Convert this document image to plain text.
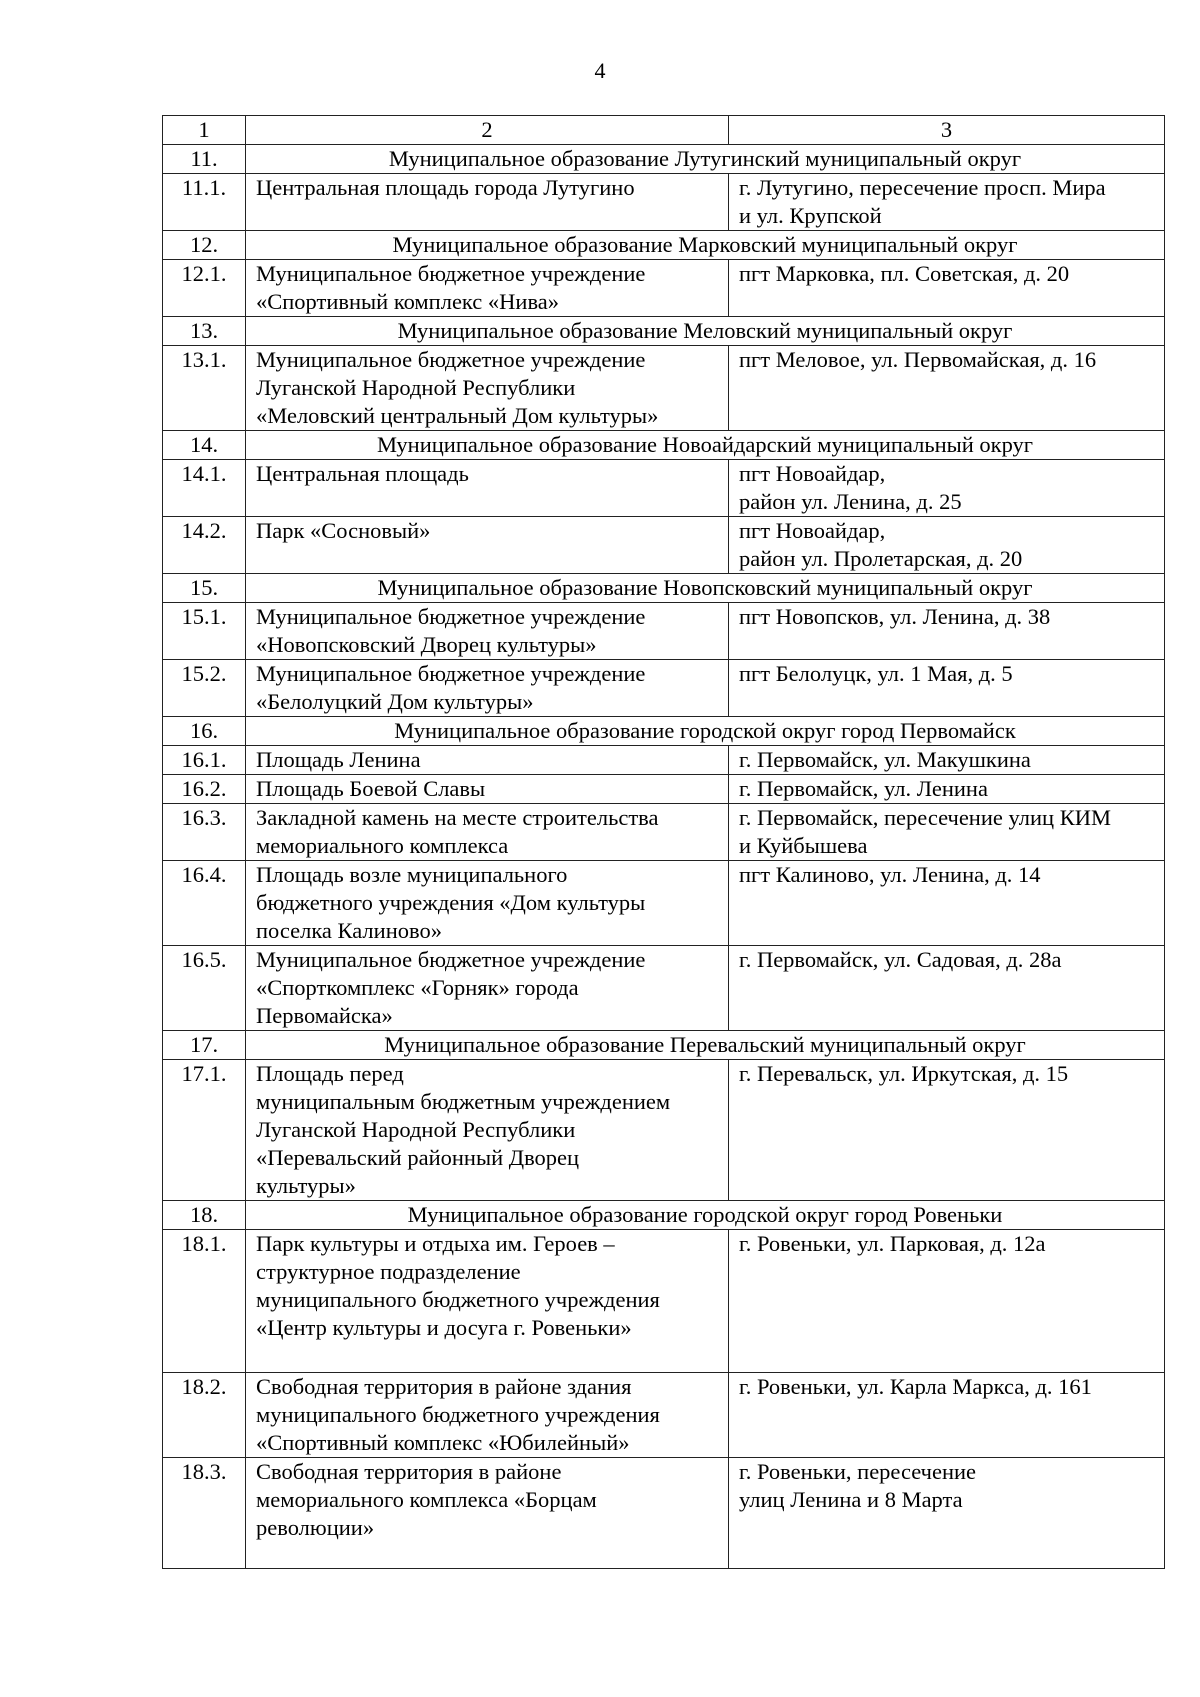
4
1	2	3
11.	Муниципальное образование Лутугинский муниципальный округ	
11.1.	Центральная площадь города Лутугино	г. Лутугино, пересечение просп. Мира
и ул. Крупской

12.	Муниципальное образование Марковский муниципальный округ	
12.1.	Муниципальное бюджетное учреждение
«Спортивный комплекс «Нива»	пгт Марковка, пл. Советская, д. 20

13.	Муниципальное образование Меловский муниципальный округ	
13.1.	Муниципальное бюджетное учреждение
Луганской Народной Республики
«Меловский центральный Дом культуры»	пгт Меловое, ул. Первомайская, д. 16

14.	Муниципальное образование Новоайдарский муниципальный округ	
14.1.	Центральная площадь	пгт Новоайдар,
район ул. Ленина, д. 25

14.2.	Парк «Сосновый»	пгт Новоайдар,
район ул. Пролетарская, д. 20

15.	Муниципальное образование Новопсковский муниципальный округ	
15.1.	Муниципальное бюджетное учреждение
«Новопсковский Дворец культуры»	пгт Новопсков, ул. Ленина, д. 38

15.2.	Муниципальное бюджетное учреждение
«Белолуцкий Дом культуры»	пгт Белолуцк, ул. 1 Мая, д. 5

16.	Муниципальное образование городской округ город Первомайск	
16.1.	Площадь Ленина	г. Первомайск, ул. Макушкина

16.2.	Площадь Боевой Славы	г. Первомайск, ул. Ленина

16.3.	Закладной камень на месте строительства
мемориального комплекса	г. Первомайск, пересечение улиц КИМ
и Куйбышева

16.4.	Площадь возле муниципального
бюджетного учреждения «Дом культуры
поселка Калиново»	пгт Калиново, ул. Ленина, д. 14

16.5.	Муниципальное бюджетное учреждение
«Спорткомплекс «Горняк» города
Первомайска»	г. Первомайск, ул. Садовая, д. 28а

17.	Муниципальное образование Перевальский муниципальный округ	
17.1.	Площадь перед
муниципальным бюджетным учреждением
Луганской Народной Республики
«Перевальский районный Дворец
культуры»	г. Перевальск, ул. Иркутская, д. 15

18.	Муниципальное образование городской округ город Ровеньки	
18.1.	Парк культуры и отдыха им. Героев –
структурное подразделение
муниципального бюджетного учреждения
«Центр культуры и досуга г. Ровеньки»	г. Ровеньки, ул. Парковая, д. 12а

18.2.	Свободная территория в районе здания
муниципального бюджетного учреждения
«Спортивный комплекс «Юбилейный»	г. Ровеньки, ул. Карла Маркса, д. 161

18.3.	Свободная территория в районе
мемориального комплекса «Борцам
революции»	г. Ровеньки, пересечение
улиц Ленина и 8 Марта
